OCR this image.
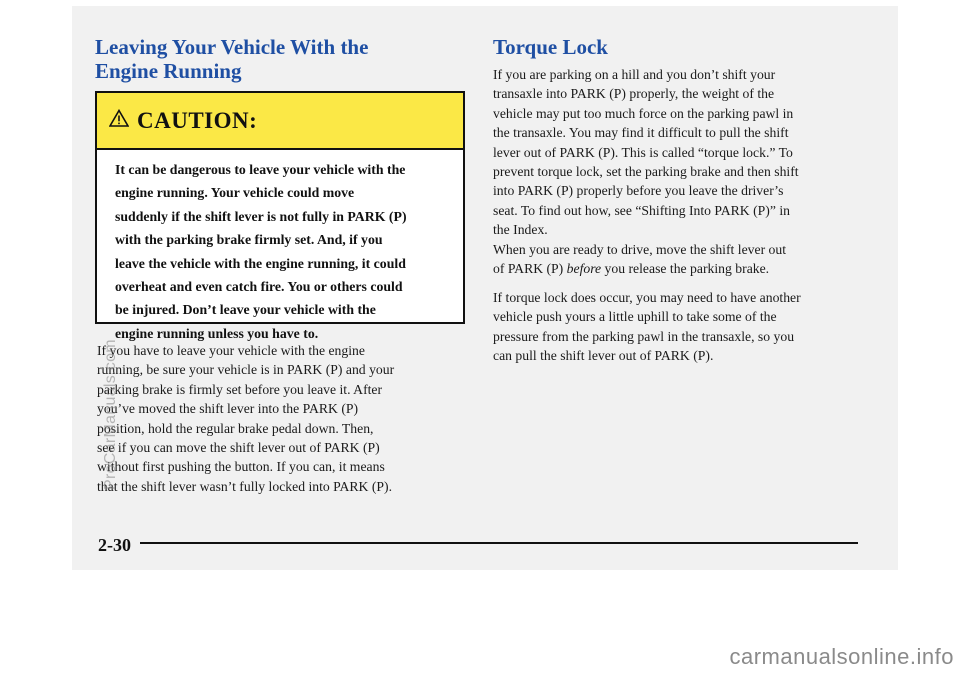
Leaving Your Vehicle With the
Engine Running
CAUTION:

It can be dangerous to leave your vehicle with the
engine running. Your vehicle could move
suddenly if the shift lever is not fully in PARK (P)
with the parking brake firmly set. And, if you
leave the vehicle with the engine running, it could
overheat and even catch fire. You or others could
be injured. Don’t leave your vehicle with the
engine running unless you have to.

If you have to leave your vehicle with the engine
running, be sure your vehicle is in PARK (P) and your
parking brake is firmly set before you leave it. After
you’ve moved the shift lever into the PARK (P)
position, hold the regular brake pedal down. Then,
see if you can move the shift lever out of PARK (P)
without first pushing the button. If you can, it means
that the shift lever wasn’t fully locked into PARK (P).

Torque Lock

If you are parking on a hill and you don’t shift your
transaxle into PARK (P) properly, the weight of the
vehicle may put too much force on the parking pawl in
the transaxle. You may find it difficult to pull the shift
lever out of PARK (P). This is called “torque lock.” To
prevent torque lock, set the parking brake and then shift
into PARK (P) properly before you leave the driver’s
seat. To find out how, see “Shifting Into PARK (P)” in
the Index.

When you are ready to drive, move the shift lever out
of PARK (P) before you release the parking brake.

If torque lock does occur, you may need to have another
vehicle push yours a little uphill to take some of the
pressure from the parking pawl in the transaxle, so you
can pull the shift lever out of PARK (P).

2-30
ProCarManuals.com
carmanualsonline.info
